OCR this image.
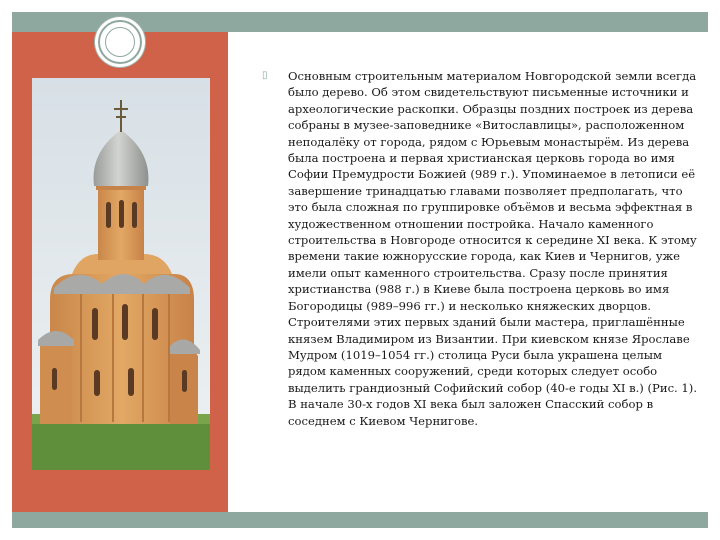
▯	Основным строительным материалом Новгородской земли всегда было дерево. Об этом свидетельствуют письменные источники и археологические раскопки. Образцы поздних построек из дерева собраны в музее-заповеднике «Витославлицы», расположенном неподалёку от города, рядом с Юрьевым монастырём. Из дерева была построена и первая христианская церковь города во имя Софии Премудрости Божией (989 г.). Упоминаемое в летописи её завершение тринадцатью главами позволяет предполагать, что это была сложная по группировке объёмов и весьма эффектная в художественном отношении постройка. Начало каменного строительства в Новгороде относится к середине XI века. К этому времени такие южнорусские города, как Киев и Чернигов, уже имели опыт каменного строительства. Сразу после принятия христианства (988 г.) в Киеве была построена церковь во имя Богородицы (989–996 гг.) и несколько княжеских дворцов. Строителями этих первых зданий были мастера, приглашённые князем Владимиром из Византии. При киевском князе Ярославе Мудром (1019–1054 гг.) столица Руси была украшена целым рядом каменных сооружений, среди которых следует особо выделить грандиозный Софийский собор (40-е годы XI в.) (Рис. 1). В начале 30-х годов XI века был заложен Спасский собор в соседнем с Киевом Чернигове.
